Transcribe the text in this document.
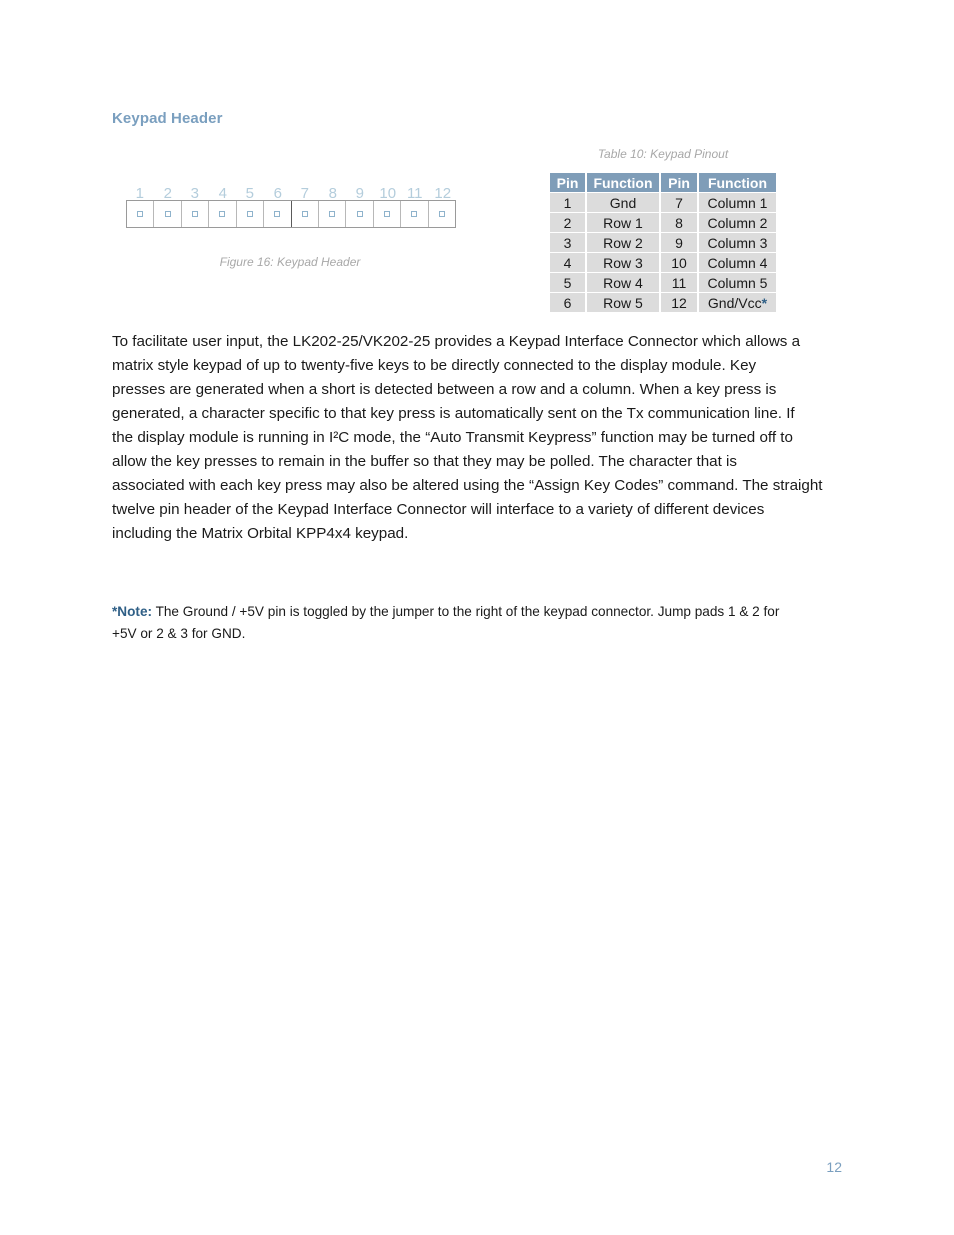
Keypad Header
1	2	3	4	5	6	7	8	9	10 11 12
Figure 16: Keypad Header
Table 10: Keypad Pinout
Pin	Function	Pin	Function
1	Gnd	7	Column 1
2	Row 1	8	Column 2
3	Row 2	9	Column 3
4	Row 3	10	Column 4
5	Row 4	11	Column 5
6	Row 5	12	Gnd/Vcc*
To facilitate user input, the LK202-25/VK202-25 provides a Keypad Interface Connector which allows a
matrix style keypad of up to twenty-five keys to be directly connected to the display module. Key
presses are generated when a short is detected between a row and a column. When a key press is
generated, a character specific to that key press is automatically sent on the Tx communication line. If
the display module is running in I²C mode, the “Auto Transmit Keypress” function may be turned off to
allow the key presses to remain in the buffer so that they may be polled. The character that is
associated with each key press may also be altered using the “Assign Key Codes” command. The straight
twelve pin header of the Keypad Interface Connector will interface to a variety of different devices
including the Matrix Orbital KPP4x4 keypad.
*Note: The Ground / +5V pin is toggled by the jumper to the right of the keypad connector. Jump pads 1 & 2 for
+5V or 2 & 3 for GND.
12
